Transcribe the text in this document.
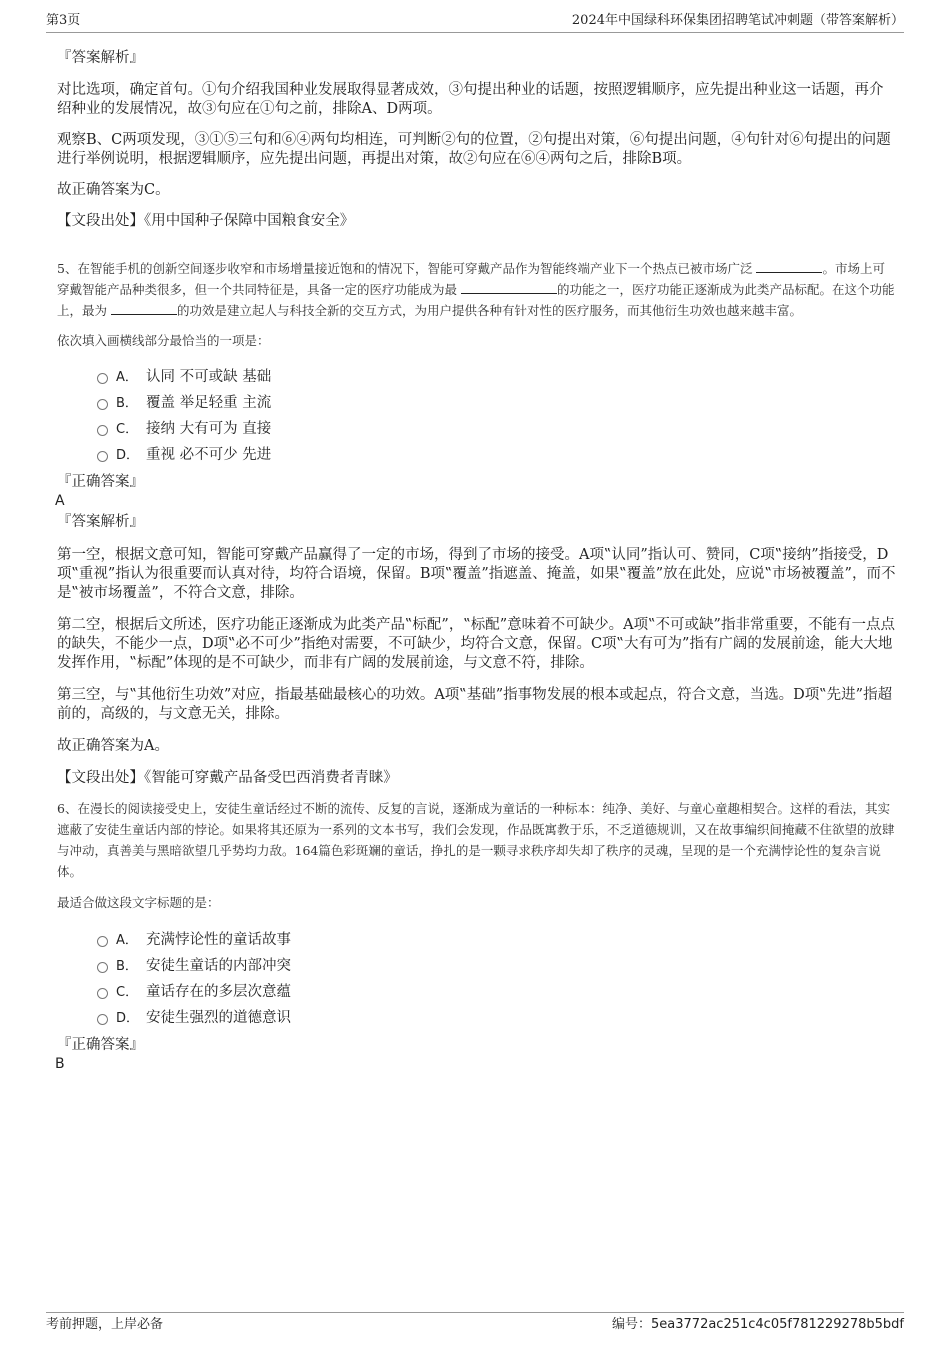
第3页	2024年中国绿科环保集团招聘笔试冲刺题（带答案解析）

『答案解析』

对比选项，确定首句。①句介绍我国种业发展取得显著成效，③句提出种业的话题，按照逻辑顺序，应先提出种业这一话题，再介绍种业的发展情况，故③句应在①句之前，排除A、D两项。

观察B、C两项发现，③①⑤三句和⑥④两句均相连，可判断②句的位置，②句提出对策，⑥句提出问题，④句针对⑥句提出的问题进行举例说明，根据逻辑顺序，应先提出问题，再提出对策，故②句应在⑥④两句之后，排除B项。

故正确答案为C。

【文段出处】《用中国种子保障中国粮食安全》

5、在智能手机的创新空间逐步收窄和市场增量接近饱和的情况下，智能可穿戴产品作为智能终端产业下一个热点已被市场广泛	。市场上可穿戴智能产品种类很多，但一个共同特征是，具备一定的医疗功能成为最	的功能之一，医疗功能正逐渐成为此类产品标配。在这个功能上，最为	的功效是建立起人与科技全新的交互方式，为用户提供各种有针对性的医疗服务，而其他衍生功效也越来越丰富。

依次填入画横线部分最恰当的一项是：

A． 认同 不可或缺 基础
B． 覆盖 举足轻重 主流
C． 接纳 大有可为 直接
D． 重视 必不可少 先进

『正确答案』

A

『答案解析』

第一空，根据文意可知，智能可穿戴产品赢得了一定的市场，得到了市场的接受。A项‟认同”指认可、赞同，C项‟接纳”指接受，D项‟重视”指认为很重要而认真对待，均符合语境，保留。B项‟覆盖”指遮盖、掩盖，如果‟覆盖”放在此处，应说‟市场被覆盖”，而不是‟被市场覆盖”，不符合文意，排除。

第二空，根据后文所述，医疗功能正逐渐成为此类产品‟标配”，‟标配”意味着不可缺少。A项‟不可或缺”指非常重要，不能有一点点的缺失，不能少一点，D项‟必不可少”指绝对需要，不可缺少，均符合文意，保留。C项‟大有可为”指有广阔的发展前途，能大大地发挥作用，‟标配”体现的是不可缺少，而非有广阔的发展前途，与文意不符，排除。

第三空，与‟其他衍生功效”对应，指最基础最核心的功效。A项‟基础”指事物发展的根本或起点，符合文意，当选。D项‟先进”指超前的，高级的，与文意无关，排除。

故正确答案为A。

【文段出处】《智能可穿戴产品备受巴西消费者青睐》

6、在漫长的阅读接受史上，安徒生童话经过不断的流传、反复的言说，逐渐成为童话的一种标本：纯净、美好、与童心童趣相契合。这样的看法，其实遮蔽了安徒生童话内部的悖论。如果将其还原为一系列的文本书写，我们会发现，作品既寓教于乐，不乏道德规训，又在故事编织间掩藏不住欲望的放肆与冲动，真善美与黑暗欲望几乎势均力敌。164篇色彩斑斓的童话，挣扎的是一颗寻求秩序却失却了秩序的灵魂，呈现的是一个充满悖论性的复杂言说体。

最适合做这段文字标题的是：

A． 充满悖论性的童话故事
B． 安徒生童话的内部冲突
C． 童话存在的多层次意蕴
D． 安徒生强烈的道德意识

『正确答案』

B

考前押题，上岸必备	编号：5ea3772ac251c4c05f781229278b5bdf
